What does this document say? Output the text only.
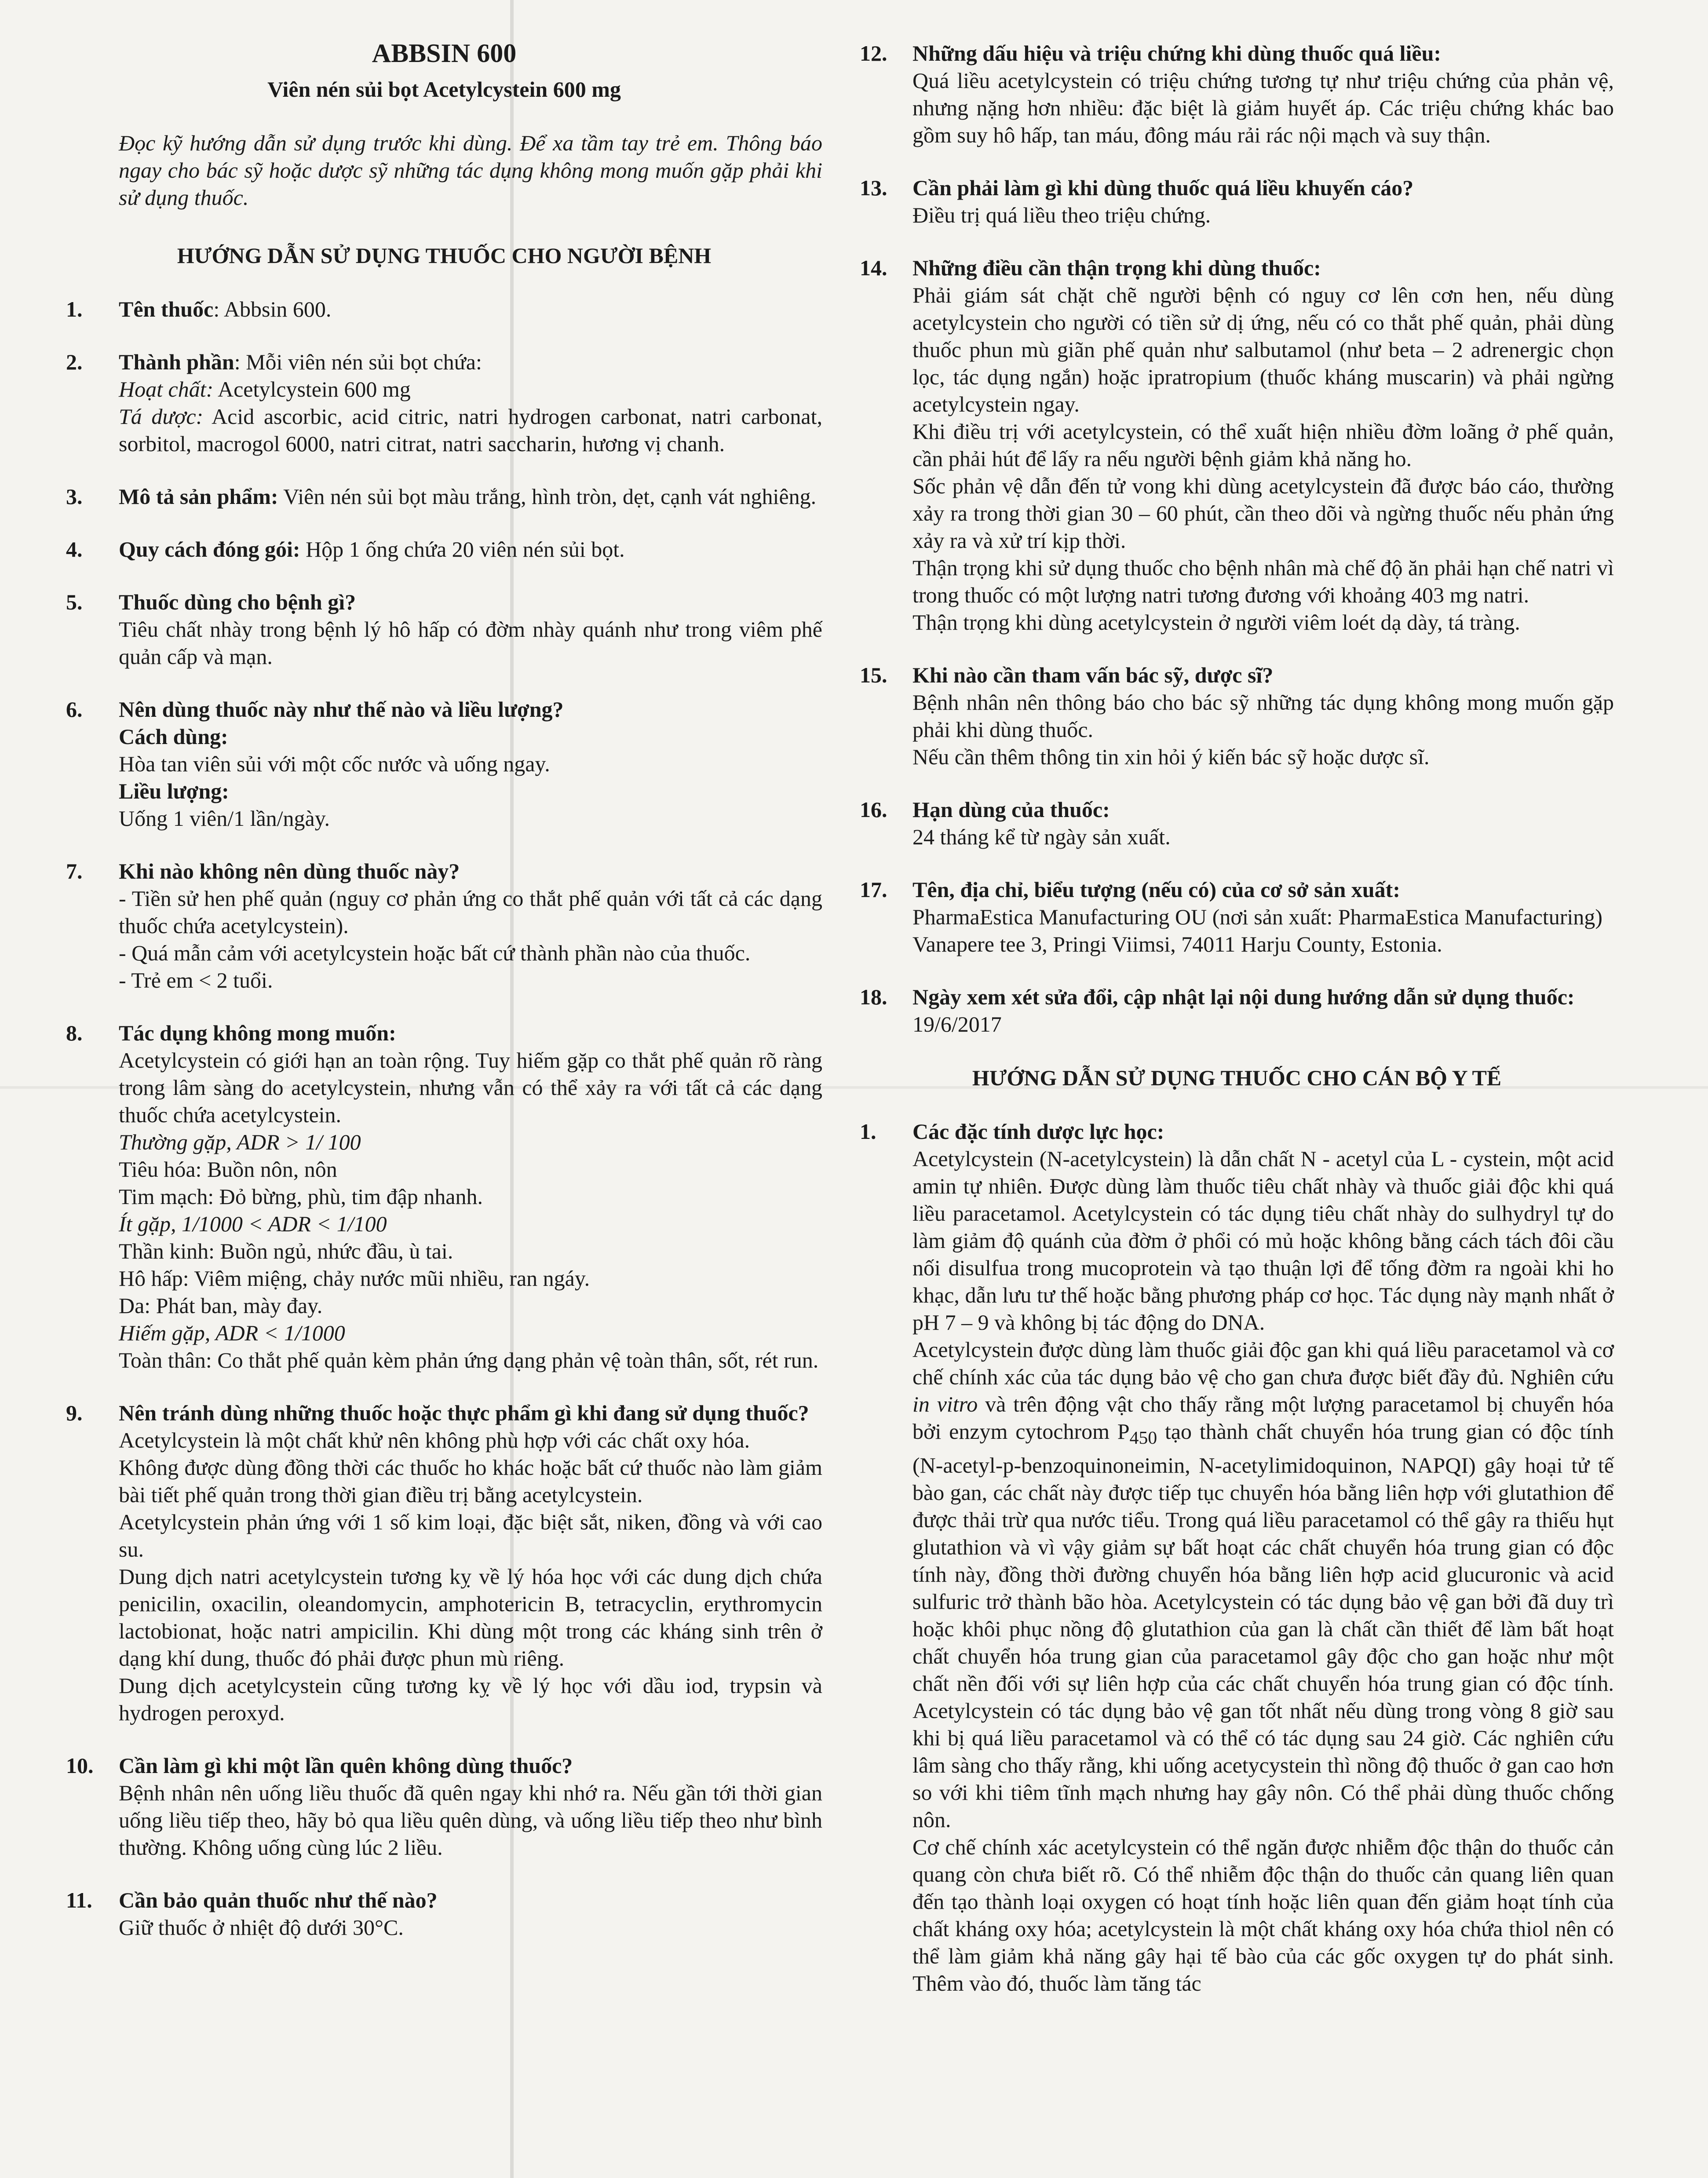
ABBSIN 600
Viên nén sủi bọt Acetylcystein 600 mg
Đọc kỹ hướng dẫn sử dụng trước khi dùng. Để xa tầm tay trẻ em. Thông báo ngay cho bác sỹ hoặc dược sỹ những tác dụng không mong muốn gặp phải khi sử dụng thuốc.
HƯỚNG DẪN SỬ DỤNG THUỐC CHO NGƯỜI BỆNH
1. Tên thuốc: Abbsin 600.
2. Thành phần: Mỗi viên nén sủi bọt chứa:
Hoạt chất: Acetylcystein 600 mg
Tá dược: Acid ascorbic, acid citric, natri hydrogen carbonat, natri carbonat, sorbitol, macrogol 6000, natri citrat, natri saccharin, hương vị chanh.
3. Mô tả sản phẩm: Viên nén sủi bọt màu trắng, hình tròn, dẹt, cạnh vát nghiêng.
4. Quy cách đóng gói: Hộp 1 ống chứa 20 viên nén sủi bọt.
5. Thuốc dùng cho bệnh gì?
Tiêu chất nhày trong bệnh lý hô hấp có đờm nhày quánh như trong viêm phế quản cấp và mạn.
6. Nên dùng thuốc này như thế nào và liều lượng?
Cách dùng:
Hòa tan viên sủi với một cốc nước và uống ngay.
Liều lượng:
Uống 1 viên/1 lần/ngày.
7. Khi nào không nên dùng thuốc này?
- Tiền sử hen phế quản (nguy cơ phản ứng co thắt phế quản với tất cả các dạng thuốc chứa acetylcystein).
- Quá mẫn cảm với acetylcystein hoặc bất cứ thành phần nào của thuốc.
- Trẻ em < 2 tuổi.
8. Tác dụng không mong muốn:
Acetylcystein có giới hạn an toàn rộng. Tuy hiếm gặp co thắt phế quản rõ ràng trong lâm sàng do acetylcystein, nhưng vẫn có thể xảy ra với tất cả các dạng thuốc chứa acetylcystein.
Thường gặp, ADR > 1/ 100
Tiêu hóa: Buồn nôn, nôn
Tim mạch: Đỏ bừng, phù, tim đập nhanh.
Ít gặp, 1/1000 < ADR < 1/100
Thần kinh: Buồn ngủ, nhức đầu, ù tai.
Hô hấp: Viêm miệng, chảy nước mũi nhiều, ran ngáy.
Da: Phát ban, mày đay.
Hiếm gặp, ADR < 1/1000
Toàn thân: Co thắt phế quản kèm phản ứng dạng phản vệ toàn thân, sốt, rét run.
9. Nên tránh dùng những thuốc hoặc thực phẩm gì khi đang sử dụng thuốc?
Acetylcystein là một chất khử nên không phù hợp với các chất oxy hóa.
Không được dùng đồng thời các thuốc ho khác hoặc bất cứ thuốc nào làm giảm bài tiết phế quản trong thời gian điều trị bằng acetylcystein.
Acetylcystein phản ứng với 1 số kim loại, đặc biệt sắt, niken, đồng và với cao su.
Dung dịch natri acetylcystein tương kỵ về lý hóa học với các dung dịch chứa penicilin, oxacilin, oleandomycin, amphotericin B, tetracyclin, erythromycin lactobionat, hoặc natri ampicilin. Khi dùng một trong các kháng sinh trên ở dạng khí dung, thuốc đó phải được phun mù riêng.
Dung dịch acetylcystein cũng tương kỵ về lý học với dầu iod, trypsin và hydrogen peroxyd.
10. Cần làm gì khi một lần quên không dùng thuốc?
Bệnh nhân nên uống liều thuốc đã quên ngay khi nhớ ra. Nếu gần tới thời gian uống liều tiếp theo, hãy bỏ qua liều quên dùng, và uống liều tiếp theo như bình thường. Không uống cùng lúc 2 liều.
11. Cần bảo quản thuốc như thế nào?
Giữ thuốc ở nhiệt độ dưới 30°C.
12. Những dấu hiệu và triệu chứng khi dùng thuốc quá liều:
Quá liều acetylcystein có triệu chứng tương tự như triệu chứng của phản vệ, nhưng nặng hơn nhiều: đặc biệt là giảm huyết áp. Các triệu chứng khác bao gồm suy hô hấp, tan máu, đông máu rải rác nội mạch và suy thận.
13. Cần phải làm gì khi dùng thuốc quá liều khuyến cáo?
Điều trị quá liều theo triệu chứng.
14. Những điều cần thận trọng khi dùng thuốc:
Phải giám sát chặt chẽ người bệnh có nguy cơ lên cơn hen, nếu dùng acetylcystein cho người có tiền sử dị ứng, nếu có co thắt phế quản, phải dùng thuốc phun mù giãn phế quản như salbutamol (như beta – 2 adrenergic chọn lọc, tác dụng ngắn) hoặc ipratropium (thuốc kháng muscarin) và phải ngừng acetylcystein ngay.
Khi điều trị với acetylcystein, có thể xuất hiện nhiều đờm loãng ở phế quản, cần phải hút để lấy ra nếu người bệnh giảm khả năng ho.
Sốc phản vệ dẫn đến tử vong khi dùng acetylcystein đã được báo cáo, thường xảy ra trong thời gian 30 – 60 phút, cần theo dõi và ngừng thuốc nếu phản ứng xảy ra và xử trí kịp thời.
Thận trọng khi sử dụng thuốc cho bệnh nhân mà chế độ ăn phải hạn chế natri vì trong thuốc có một lượng natri tương đương với khoảng 403 mg natri.
Thận trọng khi dùng acetylcystein ở người viêm loét dạ dày, tá tràng.
15. Khi nào cần tham vấn bác sỹ, dược sĩ?
Bệnh nhân nên thông báo cho bác sỹ những tác dụng không mong muốn gặp phải khi dùng thuốc.
Nếu cần thêm thông tin xin hỏi ý kiến bác sỹ hoặc dược sĩ.
16. Hạn dùng của thuốc:
24 tháng kể từ ngày sản xuất.
17. Tên, địa chỉ, biểu tượng (nếu có) của cơ sở sản xuất:
PharmaEstica Manufacturing OU (nơi sản xuất: PharmaEstica Manufacturing)
Vanapere tee 3, Pringi Viimsi, 74011 Harju County, Estonia.
18. Ngày xem xét sửa đổi, cập nhật lại nội dung hướng dẫn sử dụng thuốc:
19/6/2017
HƯỚNG DẪN SỬ DỤNG THUỐC CHO CÁN BỘ Y TẾ
1. Các đặc tính dược lực học:
Acetylcystein (N-acetylcystein) là dẫn chất N - acetyl của L - cystein, một acid amin tự nhiên. Được dùng làm thuốc tiêu chất nhày và thuốc giải độc khi quá liều paracetamol. Acetylcystein có tác dụng tiêu chất nhày do sulhydryl tự do làm giảm độ quánh của đờm ở phổi có mủ hoặc không bằng cách tách đôi cầu nối disulfua trong mucoprotein và tạo thuận lợi để tống đờm ra ngoài khi ho khạc, dẫn lưu tư thế hoặc bằng phương pháp cơ học. Tác dụng này mạnh nhất ở pH 7 – 9 và không bị tác động do DNA.
Acetylcystein được dùng làm thuốc giải độc gan khi quá liều paracetamol và cơ chế chính xác của tác dụng bảo vệ cho gan chưa được biết đầy đủ. Nghiên cứu in vitro và trên động vật cho thấy rằng một lượng paracetamol bị chuyển hóa bởi enzym cytochrom $P_{450}$ tạo thành chất chuyển hóa trung gian có độc tính (N-acetyl-p-benzoquinoneimin, N-acetylimidoquinon, NAPQI) gây hoại tử tế bào gan, các chất này được tiếp tục chuyển hóa bằng liên hợp với glutathion để được thải trừ qua nước tiểu. Trong quá liều paracetamol có thể gây ra thiếu hụt glutathion và vì vậy giảm sự bất hoạt các chất chuyển hóa trung gian có độc tính này, đồng thời đường chuyển hóa bằng liên hợp acid glucuronic và acid sulfuric trở thành bão hòa. Acetylcystein có tác dụng bảo vệ gan bởi đã duy trì hoặc khôi phục nồng độ glutathion của gan là chất cần thiết để làm bất hoạt chất chuyển hóa trung gian của paracetamol gây độc cho gan hoặc như một chất nền đối với sự liên hợp của các chất chuyển hóa trung gian có độc tính. Acetylcystein có tác dụng bảo vệ gan tốt nhất nếu dùng trong vòng 8 giờ sau khi bị quá liều paracetamol và có thể có tác dụng sau 24 giờ. Các nghiên cứu lâm sàng cho thấy rằng, khi uống acetycystein thì nồng độ thuốc ở gan cao hơn so với khi tiêm tĩnh mạch nhưng hay gây nôn. Có thể phải dùng thuốc chống nôn.
Cơ chế chính xác acetylcystein có thể ngăn được nhiễm độc thận do thuốc cản quang còn chưa biết rõ. Có thể nhiễm độc thận do thuốc cản quang liên quan đến tạo thành loại oxygen có hoạt tính hoặc liên quan đến giảm hoạt tính của chất kháng oxy hóa; acetylcystein là một chất kháng oxy hóa chứa thiol nên có thể làm giảm khả năng gây hại tế bào của các gốc oxygen tự do phát sinh. Thêm vào đó, thuốc làm tăng tác
